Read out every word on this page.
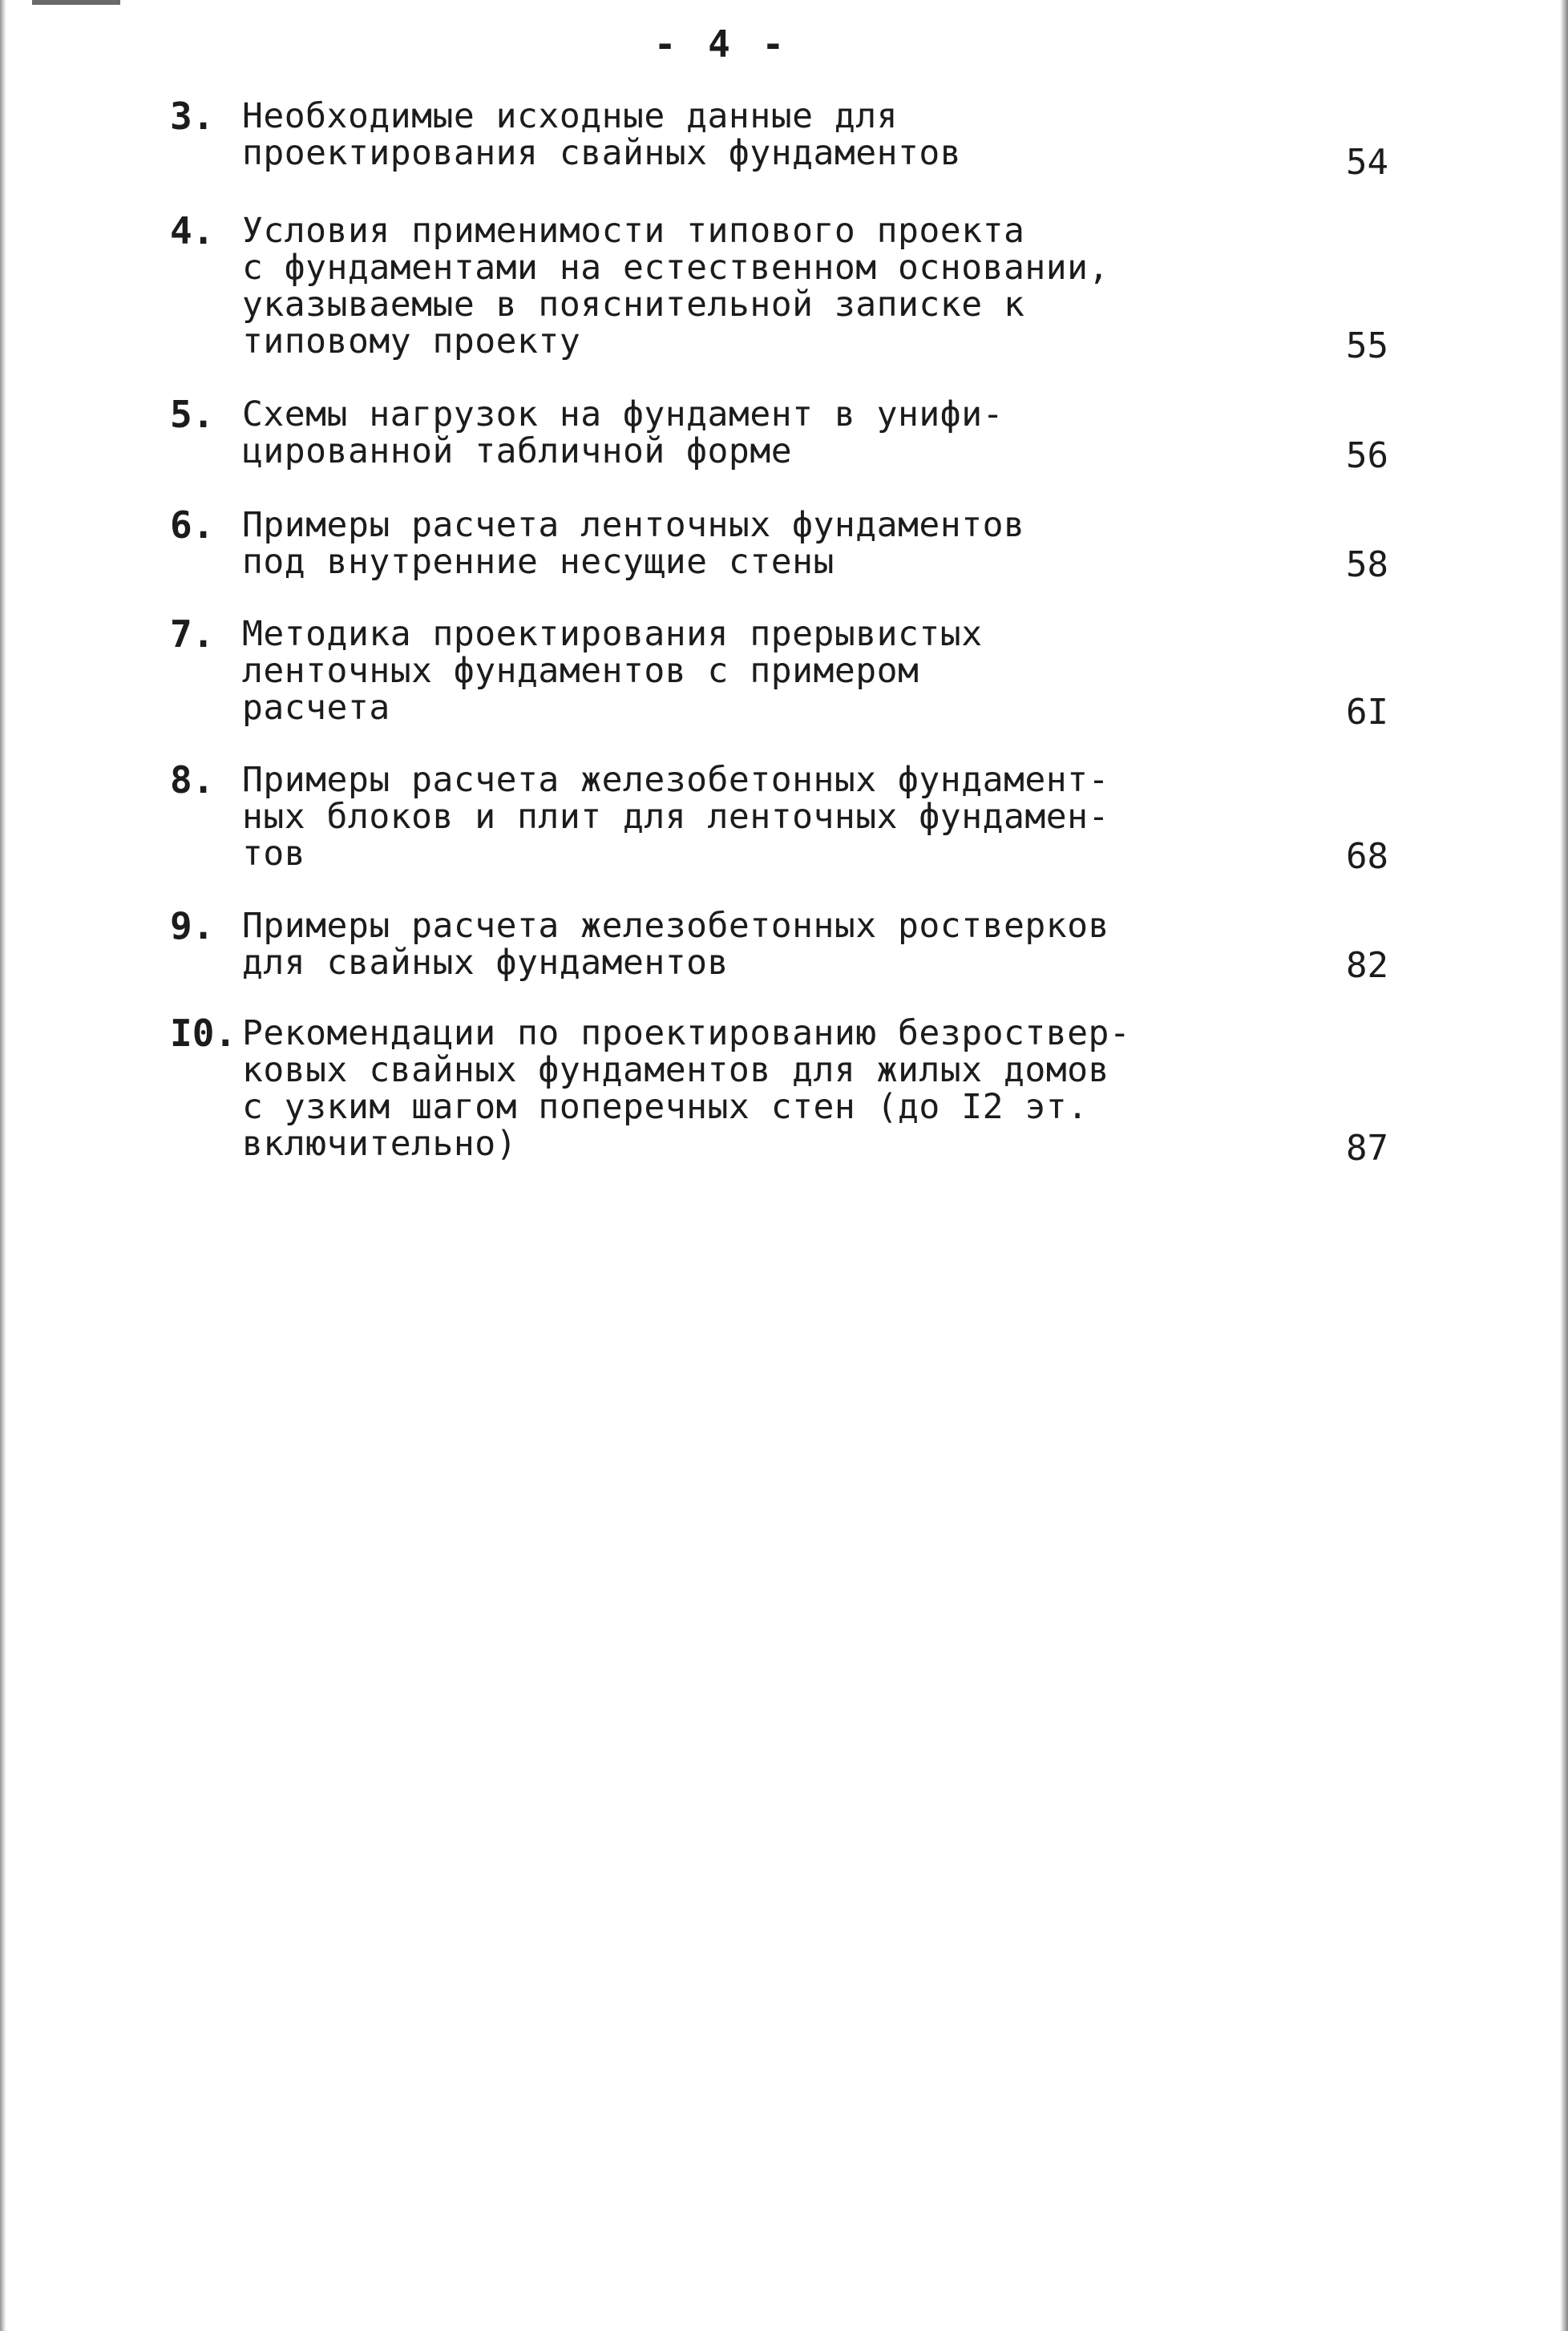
- 4 -
3. Необходимые исходные данные для
проектирования свайных фундаментов	54
4. Условия применимости типового проекта
с фундаментами на естественном основании,
указываемые в пояснительной записке к
типовому проекту	55
5. Схемы нагрузок на фундамент в унифи-
цированной табличной форме	56
6. Примеры расчета ленточных фундаментов
под внутренние несущие стены	58
7. Методика проектирования прерывистых
ленточных фундаментов с примером
расчета	6I
8. Примеры расчета железобетонных фундамент-
ных блоков и плит для ленточных фундамен-
тов	68
9. Примеры расчета железобетонных ростверков
для свайных фундаментов	82
I0. Рекомендации по проектированию безроствер-
ковых свайных фундаментов для жилых домов
с узким шагом поперечных стен (до I2 эт.
включительно)	87
